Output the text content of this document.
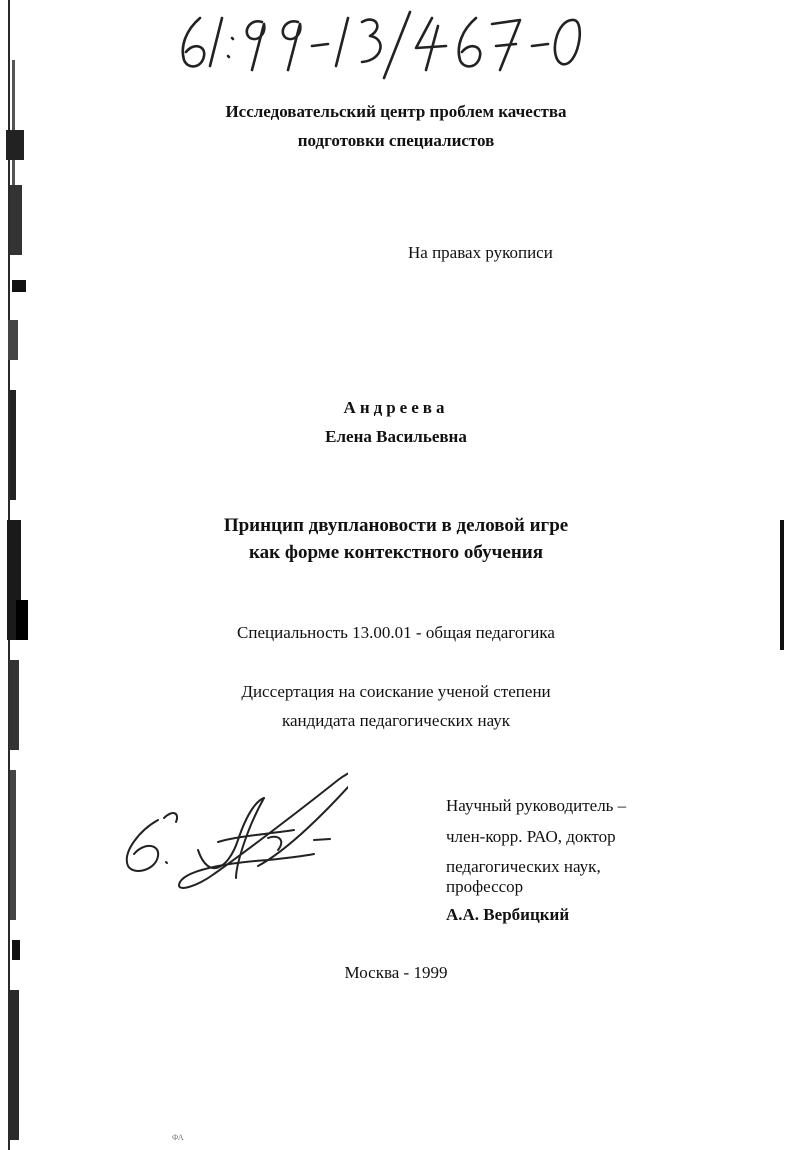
Исследовательский центр проблем качества
подготовки специалистов
На правах рукописи
Андреева
Елена Васильевна
Принцип двуплановости в деловой игре
как форме контекстного обучения
Специальность 13.00.01 - общая педагогика
Диссертация на соискание ученой степени
кандидата педагогических наук
Научный руководитель –
член-корр. РАО, доктор
педагогических наук,
профессор
А.А. Вербицкий
Москва - 1999
ФА
